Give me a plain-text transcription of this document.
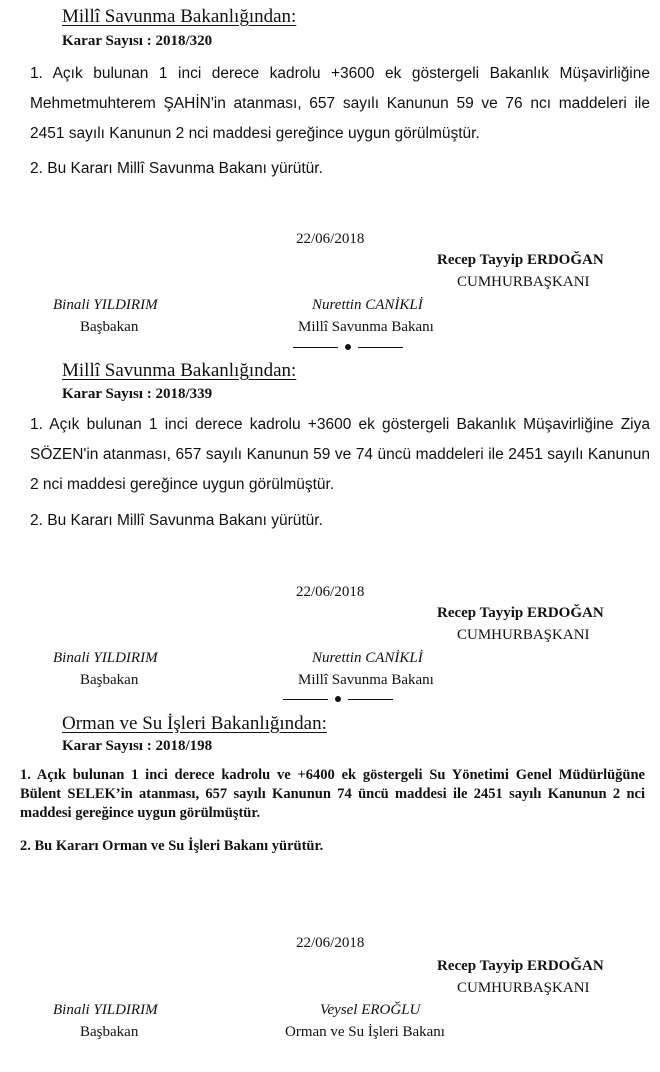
Millî Savunma Bakanlığından:
Karar Sayısı : 2018/320
1. Açık bulunan 1 inci derece kadrolu +3600 ek göstergeli Bakanlık Müşavirliğine Mehmetmuhterem ŞAHİN'in atanması, 657 sayılı Kanunun 59 ve 76 ncı maddeleri ile 2451 sayılı Kanunun 2 nci maddesi gereğince uygun görülmüştür.
2. Bu Kararı Millî Savunma Bakanı yürütür.
22/06/2018
Recep Tayyip ERDOĞAN
CUMHURBAŞKANI
Binali YILDIRIM
Başbakan
Nurettin CANİKLİ
Millî Savunma Bakanı
Millî Savunma Bakanlığından:
Karar Sayısı : 2018/339
1. Açık bulunan 1 inci derece kadrolu +3600 ek göstergeli Bakanlık Müşavirliğine Ziya SÖZEN'in atanması, 657 sayılı Kanunun 59 ve 74 üncü maddeleri ile 2451 sayılı Kanunun 2 nci maddesi gereğince uygun görülmüştür.
2. Bu Kararı Millî Savunma Bakanı yürütür.
22/06/2018
Recep Tayyip ERDOĞAN
CUMHURBAŞKANI
Binali YILDIRIM
Başbakan
Nurettin CANİKLİ
Millî Savunma Bakanı
Orman ve Su İşleri Bakanlığından:
Karar Sayısı : 2018/198
1. Açık bulunan 1 inci derece kadrolu ve +6400 ek göstergeli Su Yönetimi Genel Müdürlüğüne Bülent SELEK’in atanması, 657 sayılı Kanunun 74 üncü maddesi ile 2451 sayılı Kanunun 2 nci maddesi gereğince uygun görülmüştür.
2. Bu Kararı Orman ve Su İşleri Bakanı yürütür.
22/06/2018
Recep Tayyip ERDOĞAN
CUMHURBAŞKANI
Binali YILDIRIM
Başbakan
Veysel EROĞLU
Orman ve Su İşleri Bakanı
